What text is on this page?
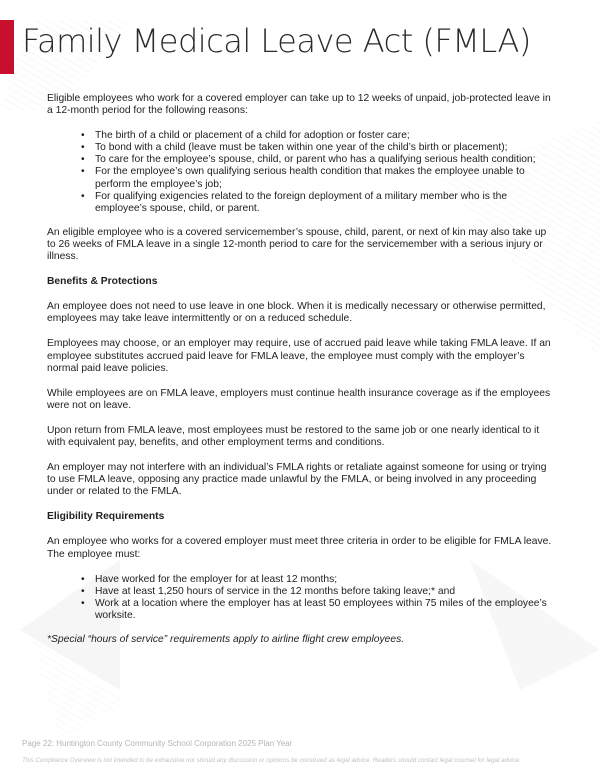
Family Medical Leave Act (FMLA)

Eligible employees who work for a covered employer can take up to 12 weeks of unpaid, job-protected leave in a 12-month period for the following reasons:

• The birth of a child or placement of a child for adoption or foster care;
• To bond with a child (leave must be taken within one year of the child’s birth or placement);
• To care for the employee’s spouse, child, or parent who has a qualifying serious health condition;
• For the employee’s own qualifying serious health condition that makes the employee unable to perform the employee’s job;
• For qualifying exigencies related to the foreign deployment of a military member who is the employee’s spouse, child, or parent.

An eligible employee who is a covered servicemember’s spouse, child, parent, or next of kin may also take up to 26 weeks of FMLA leave in a single 12-month period to care for the servicemember with a serious injury or illness.

Benefits & Protections

An employee does not need to use leave in one block. When it is medically necessary or otherwise permitted, employees may take leave intermittently or on a reduced schedule.

Employees may choose, or an employer may require, use of accrued paid leave while taking FMLA leave. If an employee substitutes accrued paid leave for FMLA leave, the employee must comply with the employer’s normal paid leave policies.

While employees are on FMLA leave, employers must continue health insurance coverage as if the employees were not on leave.

Upon return from FMLA leave, most employees must be restored to the same job or one nearly identical to it with equivalent pay, benefits, and other employment terms and conditions.

An employer may not interfere with an individual’s FMLA rights or retaliate against someone for using or trying to use FMLA leave, opposing any practice made unlawful by the FMLA, or being involved in any proceeding under or related to the FMLA.

Eligibility Requirements

An employee who works for a covered employer must meet three criteria in order to be eligible for FMLA leave. The employee must:

• Have worked for the employer for at least 12 months;
• Have at least 1,250 hours of service in the 12 months before taking leave;* and
• Work at a location where the employer has at least 50 employees within 75 miles of the employee’s worksite.

*Special “hours of service” requirements apply to airline flight crew employees.

Page 22: Huntington County Community School Corporation 2025 Plan Year
This Compliance Overview is not intended to be exhaustive nor should any discussion or opinions be construed as legal advice. Readers should contact legal counsel for legal advice.
